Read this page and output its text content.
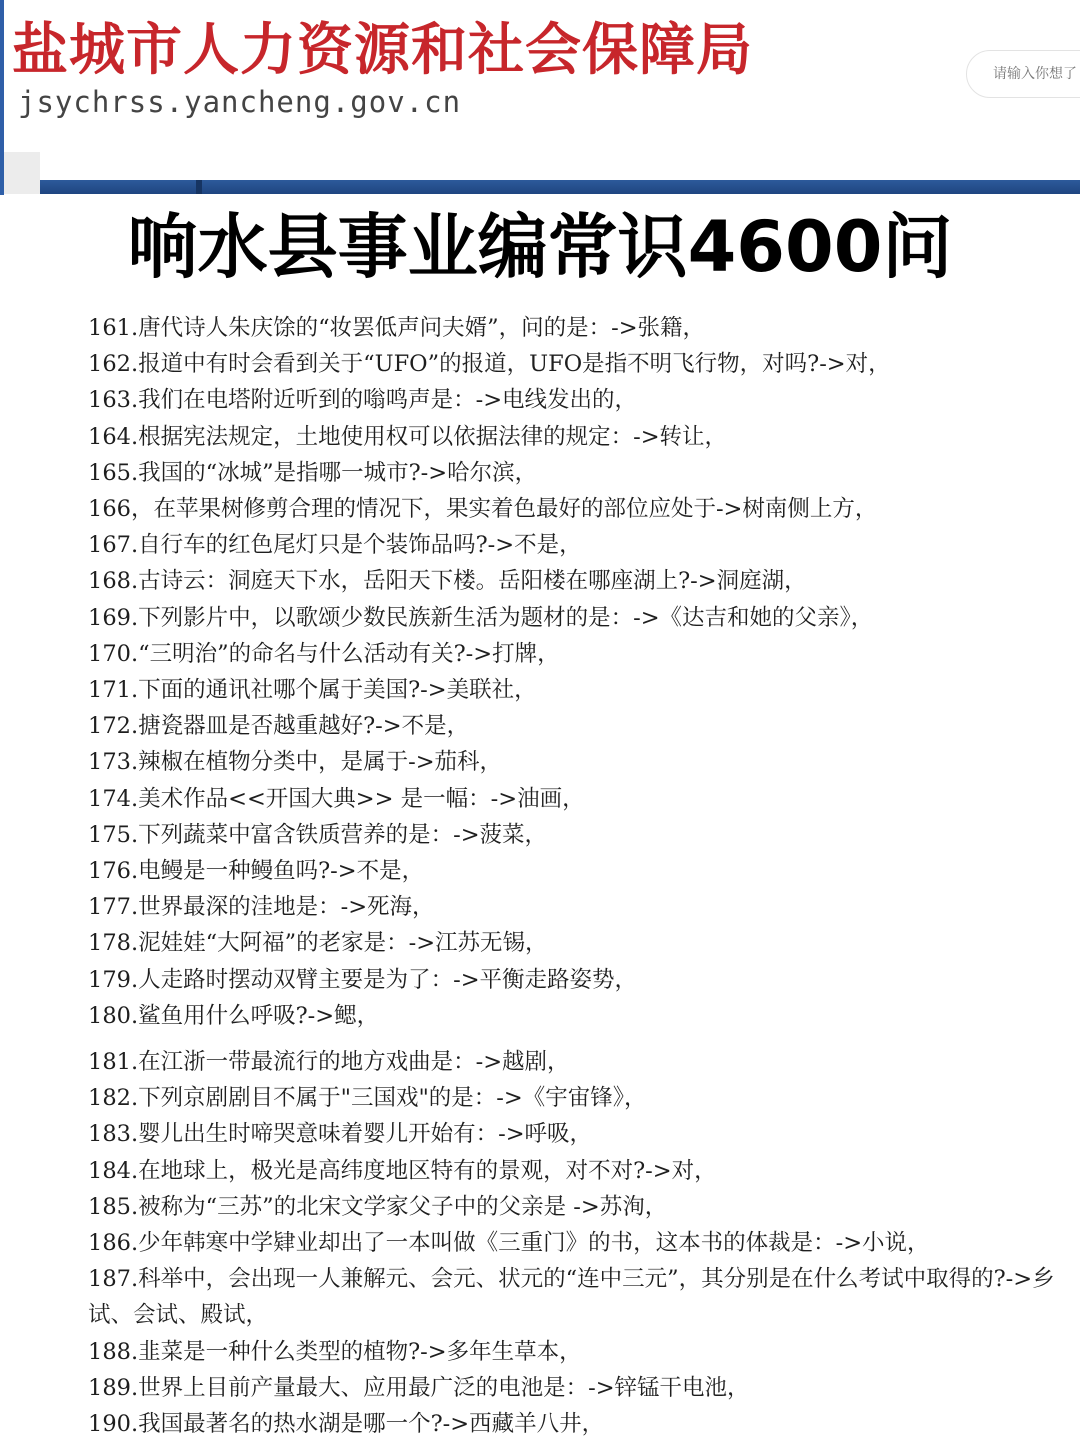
盐城市人力资源和社会保障局
jsychrss.yancheng.gov.cn
请输入你想了
响水县事业编常识4600问
161.唐代诗人朱庆馀的“妆罢低声问夫婿”，问的是：->张籍，
162.报道中有时会看到关于“UFO”的报道，UFO是指不明飞行物，对吗?->对，
163.我们在电塔附近听到的嗡鸣声是：->电线发出的，
164.根据宪法规定，土地使用权可以依据法律的规定：->转让，
165.我国的“冰城”是指哪一城市?->哈尔滨，
166，在苹果树修剪合理的情况下，果实着色最好的部位应处于->树南侧上方，
167.自行车的红色尾灯只是个装饰品吗?->不是，
168.古诗云：洞庭天下水，岳阳天下楼。岳阳楼在哪座湖上?->洞庭湖，
169.下列影片中，以歌颂少数民族新生活为题材的是：->《达吉和她的父亲》，
170.“三明治”的命名与什么活动有关?->打牌，
171.下面的通讯社哪个属于美国?->美联社，
172.搪瓷器皿是否越重越好?->不是，
173.辣椒在植物分类中，是属于->茄科，
174.美术作品<<开国大典>> 是一幅：->油画，
175.下列蔬菜中富含铁质营养的是：->菠菜，
176.电鳗是一种鳗鱼吗?->不是，
177.世界最深的洼地是：->死海，
178.泥娃娃“大阿福”的老家是：->江苏无锡，
179.人走路时摆动双臂主要是为了：->平衡走路姿势，
180.鲨鱼用什么呼吸?->鳃，
181.在江浙一带最流行的地方戏曲是：->越剧，
182.下列京剧剧目不属于"三国戏"的是：->《宇宙锋》，
183.婴儿出生时啼哭意味着婴儿开始有：->呼吸，
184.在地球上，极光是高纬度地区特有的景观，对不对?->对，
185.被称为“三苏”的北宋文学家父子中的父亲是 ->苏洵，
186.少年韩寒中学肄业却出了一本叫做《三重门》的书，这本书的体裁是：->小说，
187.科举中，会出现一人兼解元、会元、状元的“连中三元”，其分别是在什么考试中取得的?->乡试、会试、殿试，
188.韭菜是一种什么类型的植物?->多年生草本，
189.世界上目前产量最大、应用最广泛的电池是：->锌锰干电池，
190.我国最著名的热水湖是哪一个?->西藏羊八井，
